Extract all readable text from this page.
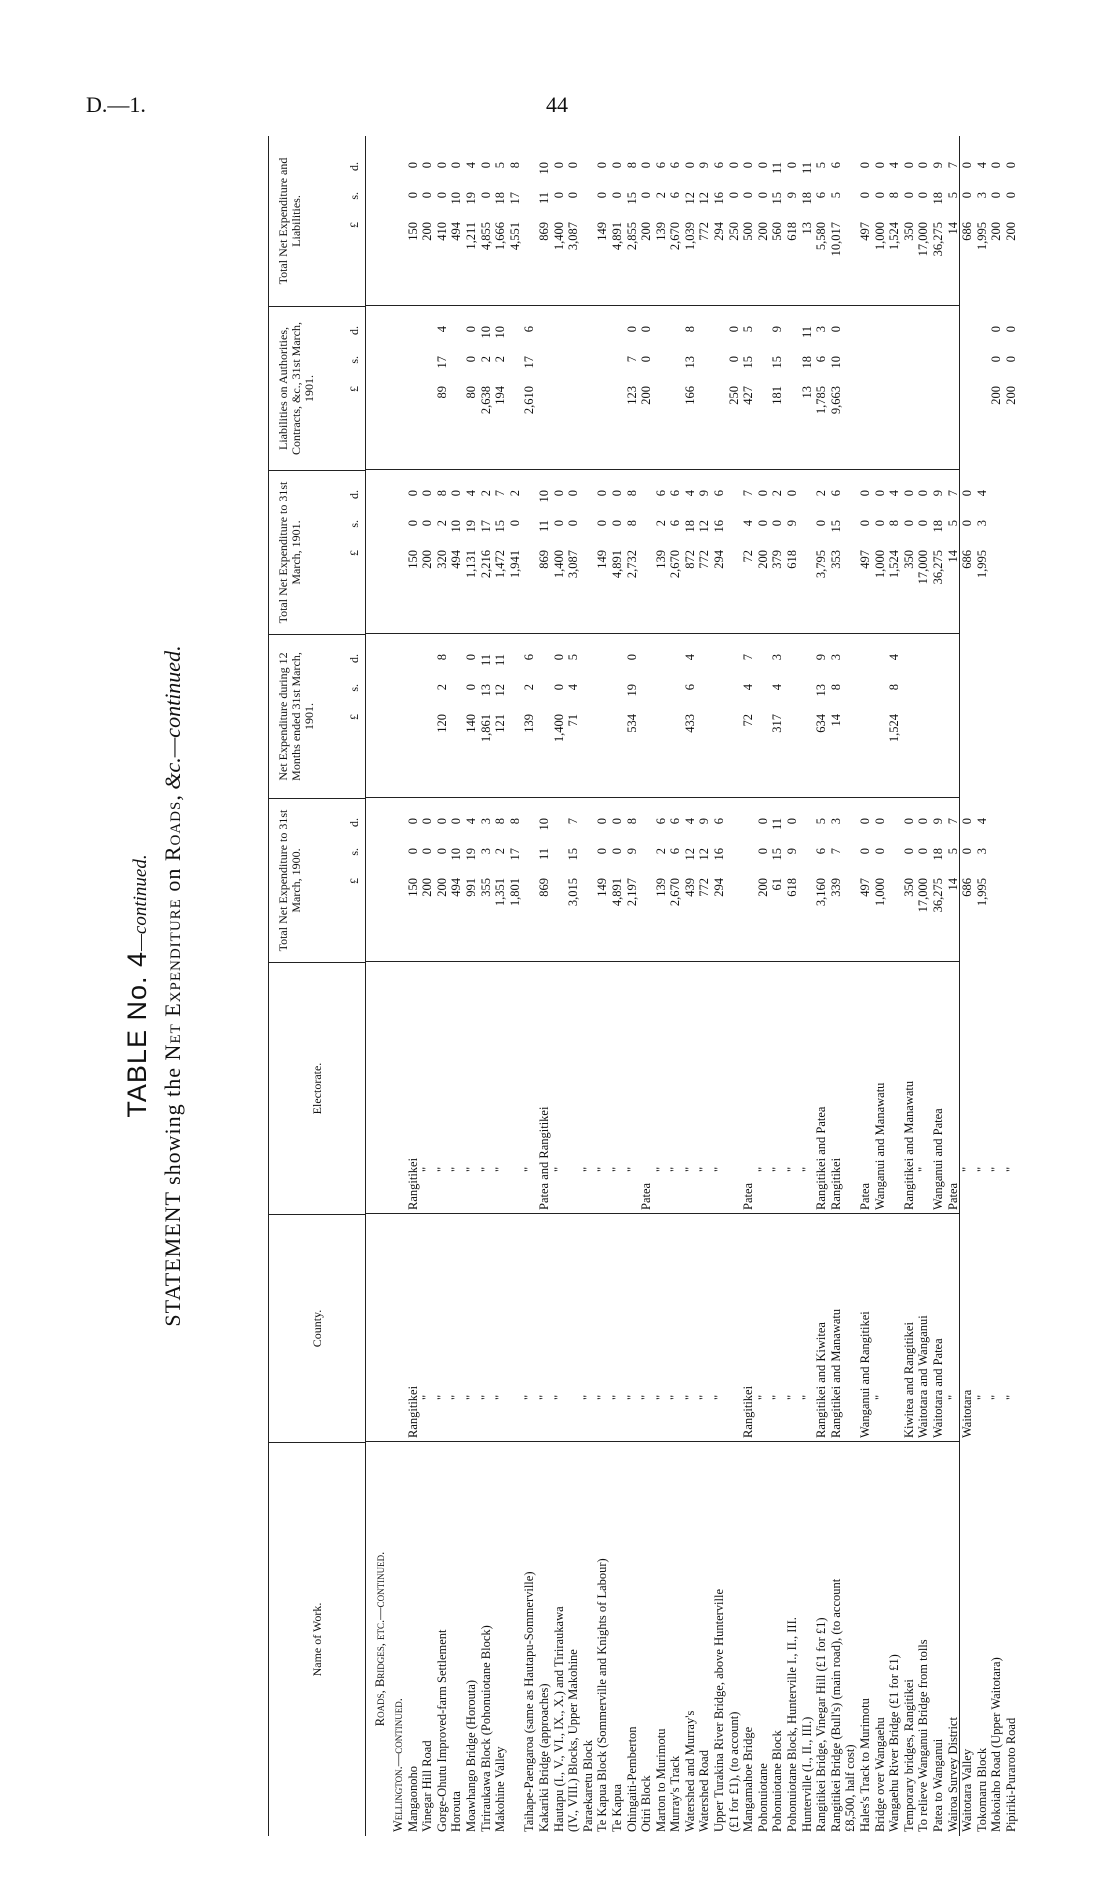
D.—1.	44
TABLE No. 4—continued.
STATEMENT showing the Net Expenditure on Roads, &c.—continued.
Name of Work.
County.
Electorate.
Total Net Expenditure to 31st March, 1900.
Net Expenditure during 12 Months ended 31st March, 1901.
Total Net Expenditure to 31st March, 1901.
Liabilities on Authorities, Contracts, &c., 31st March, 1901.
Total Net Expenditure and Liabilities.
£
s.
d.
£
s.
d.
£
s.
d.
£
s.
d.
£
s.
d.
Roads, Bridges, etc.—continued.
Wellington.—continued. Mangaonoho
Rangitikei
Rangitikei
150
0
0
150
0
0
150
0
0
Vinegar Hill Road
"
"
200
0
0
200
0
0
200
0
0
Gorge-Ohutu Improved-farm Settlement
"
"
200
0
0
120
2
8
320
2
8
89
17
4
410
0
0
Horouta
"
"
494
10
0
494
10
0
494
10
0
Moawhango Bridge (Horouta)
"
"
991
19
4
140
0
0
1,131
19
4
80
0
0
1,211
19
4
Tiriraukawa Block (Pohonuiotane Block)
"
"
355
3
3
1,861
13
11
2,216
17
2
2,638
2
10
4,855
0
0
Makohine Valley
"
"
1,351
2
8
121
12
11
1,472
15
7
194
2
10
1,666
18
5
1,801
17
8
1,941
0
2
4,551
17
8
Taihape-Paengaroa (same as Hautapu-Sommerville)
"
"
139
2
6
2,610
17
6
Kakariki Bridge (approaches)
"
Patea and Rangitikei
869
11
10
869
11
10
869
11
10
Hautapu (I., V., VI., IX., X.) and Tiriraukawa
"
"
1,400
0
0
1,400
0
0
1,400
0
0
(IV., VIII.) Blocks, Upper Makohine
3,015
15
7
71
4
5
3,087
0
0
3,087
0
0
Paraekaretu Block
"
"
Te Kapua Block (Sommerville and Knights of Labour)
"
"
149
0
0
149
0
0
149
0
0
Te Kapua
"
"
4,891
0
0
4,891
0
0
4,891
0
0
Ohingaiti-Pemberton
"
"
2,197
9
8
534
19
0
2,732
8
8
123
7
0
2,855
15
8
Otiri Block
"
Patea
200
0
0
200
0
0
Marton to Murimotu
"
"
139
2
6
139
2
6
139
2
6
Murray's Track
"
"
2,670
6
6
2,670
6
6
2,670
6
6
Watershed and Murray's
"
"
439
12
4
433
6
4
872
18
4
166
13
8
1,039
12
0
Watershed Road
"
"
772
12
9
772
12
9
772
12
9
Upper Turakina River Bridge, above Hunterville
"
"
294
16
6
294
16
6
294
16
6
(£1 for £1), (to account)
250
0
0
250
0
0
Mangamahoe Bridge
Rangitikei
Patea
72
4
7
72
4
7
427
15
5
500
0
0
Pohonuiotane
"
"
200
0
0
200
0
0
200
0
0
Pohonuiotane Block
"
"
61
15
11
317
4
3
379
0
2
181
15
9
560
15
11
Pohonuiotane Block, Hunterville I., II., III.
"
"
618
9
0
618
9
0
618
9
0
Hunterville (I., II., III.)
"
"
13
18
11
13
18
11
Rangitikei Bridge, Vinegar Hill (£1 for £1)
Rangitikei and Kiwitea
Rangitikei and Patea
3,160
6
5
634
13
9
3,795
0
2
1,785
6
3
5,580
6
5
Rangitikei Bridge (Bull's) (main road), (to account
Rangitikei and Manawatu
Rangitikei
339
7
3
14
8
3
353
15
6
9,663
10
0
10,017
5
6
£8,500, half cost) Hales's Track to Murimotu
Wanganui and Rangitikei
Patea
497
0
0
497
0
0
497
0
0
Bridge over Wangaehu
"
Wanganui and Manawatu
1,000
0
0
1,000
0
0
1,000
0
0
Wangaehu River Bridge (£1 for £1)
1,524
8
4
1,524
8
4
1,524
8
4
Temporary bridges, Rangitikei
Kiwitea and Rangitikei
Rangitikei and Manawatu
350
0
0
350
0
0
350
0
0
To relieve Wanganui Bridge from tolls
Waitotara and Wanganui
"
17,000
0
0
17,000
0
0
17,000
0
0
Patea to Wanganui
Waitotara and Patea
Wanganui and Patea
36,275
18
9
36,275
18
9
36,275
18
9
Wairoa Survey District
"
Patea
14
5
7
14
5
7
14
5
7
Waitotara Valley
Waitotara
"
686
0
0
686
0
0
686
0
0
Tokomaru Block
"
"
1,995
3
4
1,995
3
4
1,995
3
4
Mokoiaho Road (Upper Waitotara)
"
"
200
0
0
200
0
0
Pipiriki-Puraroto Road
"
"
200
0
0
200
0
0
